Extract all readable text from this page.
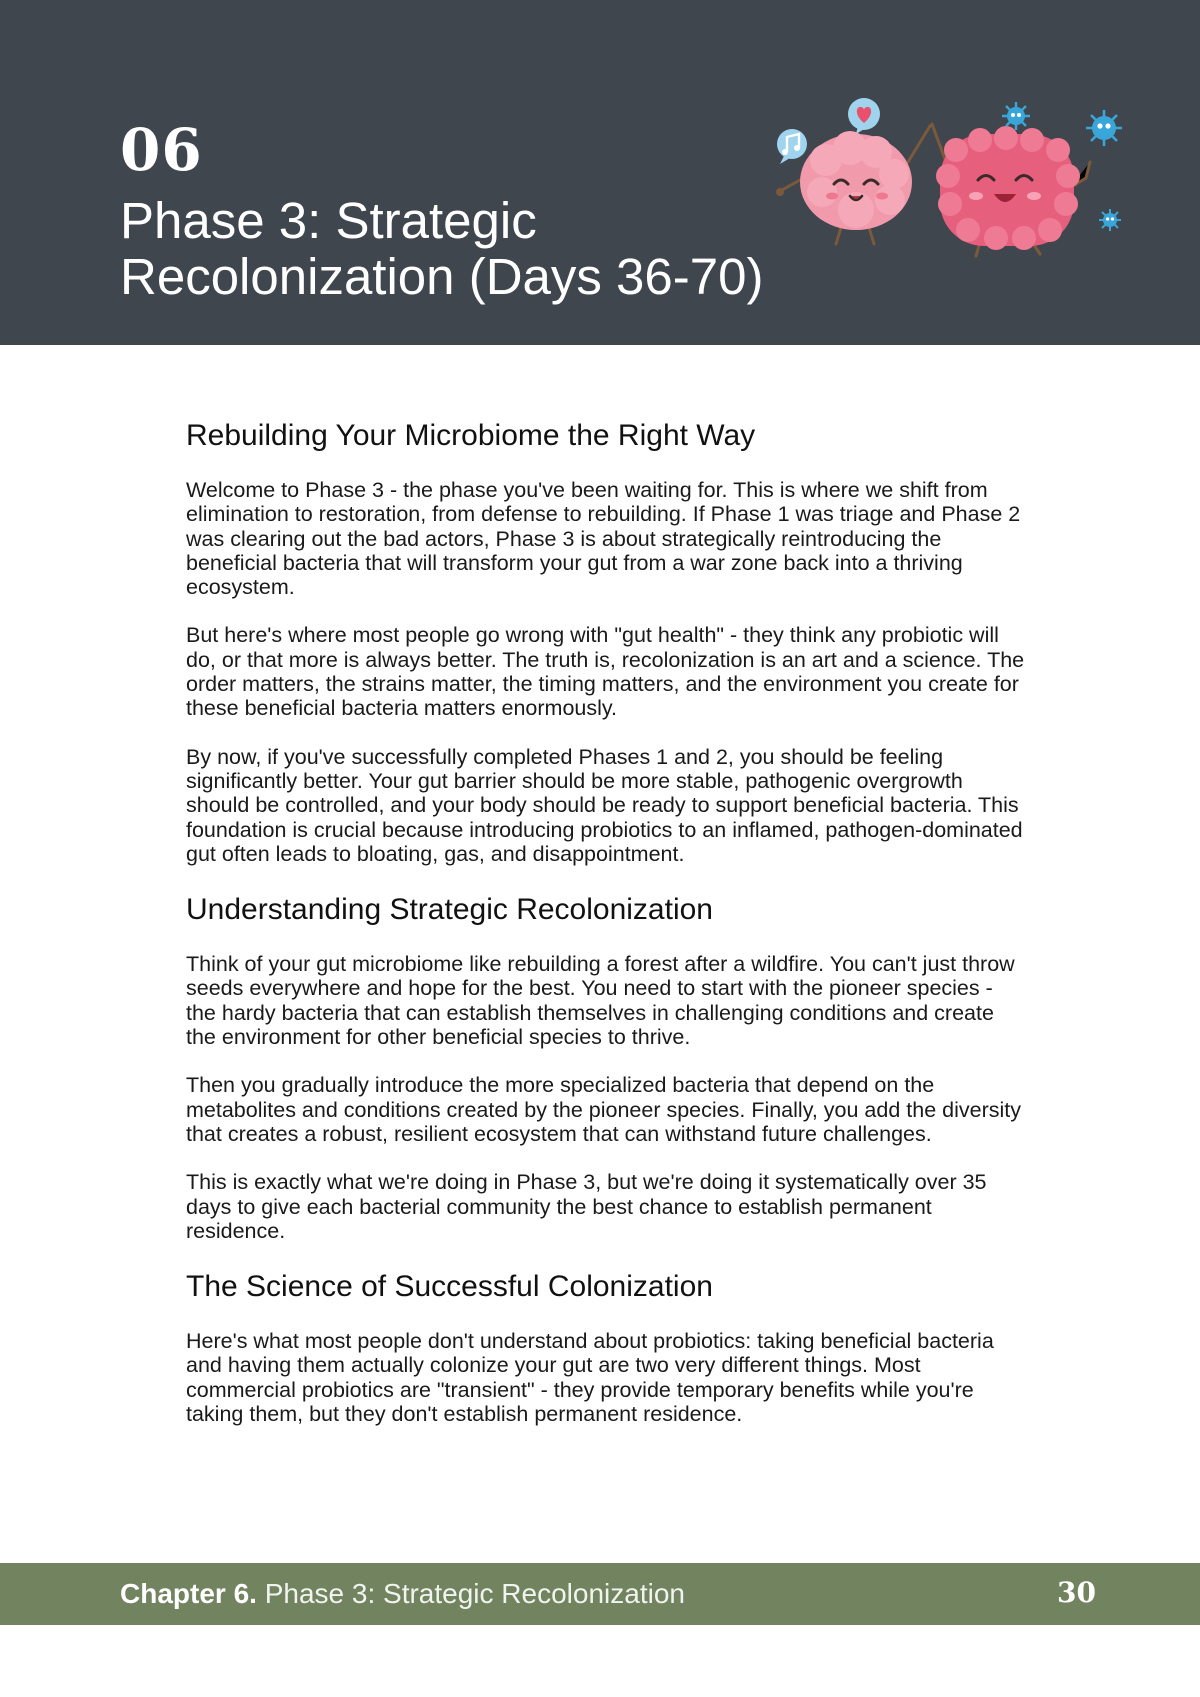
06
Phase 3: Strategic
Recolonization (Days 36-70)
Rebuilding Your Microbiome the Right Way

Welcome to Phase 3 - the phase you've been waiting for. This is where we shift from elimination to restoration, from defense to rebuilding. If Phase 1 was triage and Phase 2 was clearing out the bad actors, Phase 3 is about strategically reintroducing the beneficial bacteria that will transform your gut from a war zone back into a thriving ecosystem.

But here's where most people go wrong with "gut health" - they think any probiotic will do, or that more is always better. The truth is, recolonization is an art and a science. The order matters, the strains matter, the timing matters, and the environment you create for these beneficial bacteria matters enormously.

By now, if you've successfully completed Phases 1 and 2, you should be feeling significantly better. Your gut barrier should be more stable, pathogenic overgrowth should be controlled, and your body should be ready to support beneficial bacteria. This foundation is crucial because introducing probiotics to an inflamed, pathogen-dominated gut often leads to bloating, gas, and disappointment.

Understanding Strategic Recolonization

Think of your gut microbiome like rebuilding a forest after a wildfire. You can't just throw seeds everywhere and hope for the best. You need to start with the pioneer species - the hardy bacteria that can establish themselves in challenging conditions and create the environment for other beneficial species to thrive.

Then you gradually introduce the more specialized bacteria that depend on the metabolites and conditions created by the pioneer species. Finally, you add the diversity that creates a robust, resilient ecosystem that can withstand future challenges.

This is exactly what we're doing in Phase 3, but we're doing it systematically over 35 days to give each bacterial community the best chance to establish permanent residence.

The Science of Successful Colonization

Here's what most people don't understand about probiotics: taking beneficial bacteria and having them actually colonize your gut are two very different things. Most commercial probiotics are "transient" - they provide temporary benefits while you're taking them, but they don't establish permanent residence.

Chapter 6. Phase 3: Strategic Recolonization	30
